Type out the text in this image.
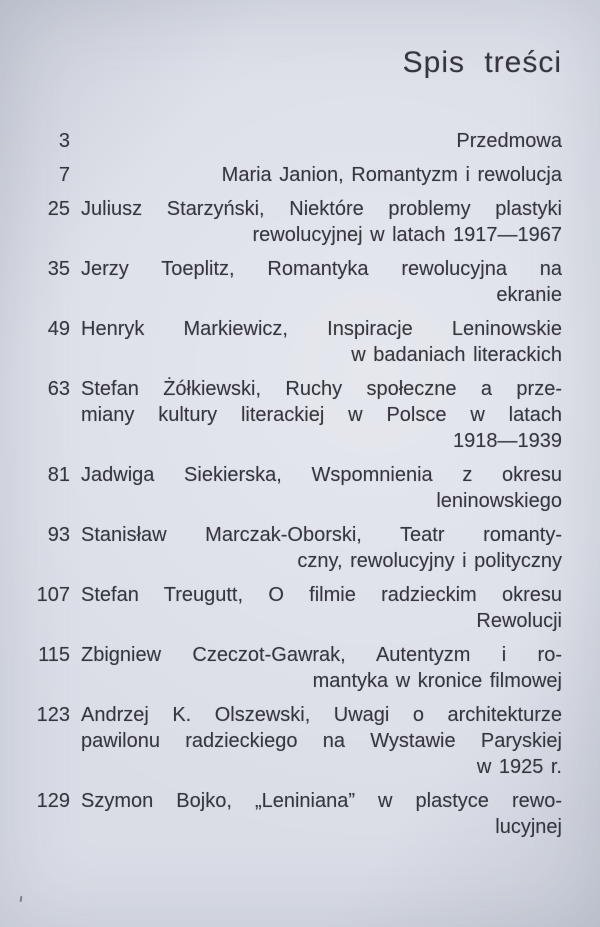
Spis treści
3	Przedmowa
7	Maria Janion, Romantyzm i rewolucja
25 Juliusz Starzyński, Niektóre problemy plastyki
rewolucyjnej w latach 1917—1967
35 Jerzy Toeplitz, Romantyka rewolucyjna na
ekranie
49 Henryk Markiewicz, Inspiracje Leninowskie
w badaniach literackich
63 Stefan Żółkiewski, Ruchy społeczne a prze-
miany kultury literackiej w Polsce w latach
1918—1939
81 Jadwiga Siekierska, Wspomnienia z okresu
leninowskiego
93 Stanisław Marczak-Oborski, Teatr romanty-
czny, rewolucyjny i polityczny
107 Stefan Treugutt, O filmie radzieckim okresu
Rewolucji
115 Zbigniew Czeczot-Gawrak, Autentyzm i ro-
mantyka w kronice filmowej
123 Andrzej K. Olszewski, Uwagi o architekturze
pawilonu radzieckiego na Wystawie Paryskiej
w 1925 r.
129 Szymon Bojko, „Leniniana” w plastyce rewo-
lucyjnej
